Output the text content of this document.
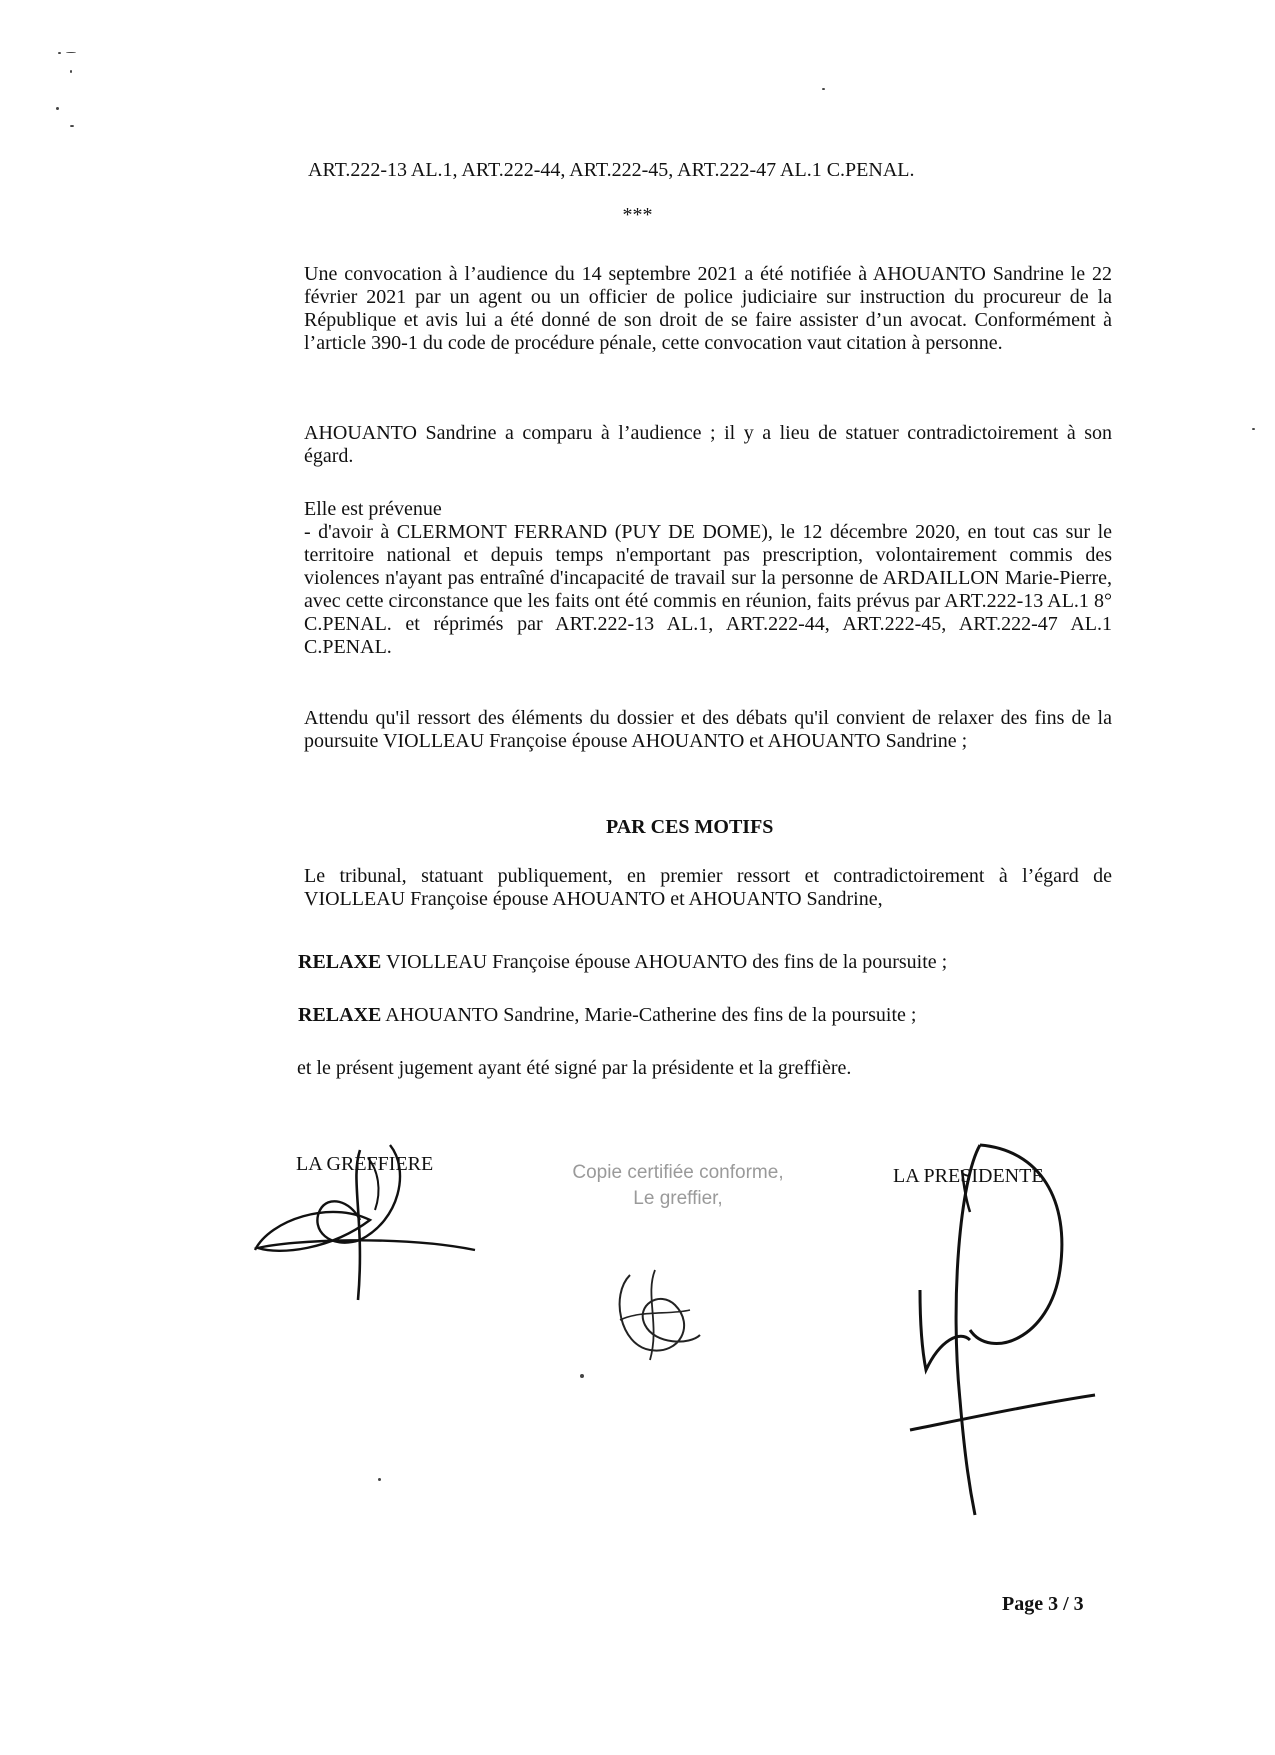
ART.222-13 AL.1, ART.222-44, ART.222-45, ART.222-47 AL.1 C.PENAL.
***
Une convocation à l’audience du 14 septembre 2021 a été notifiée à AHOUANTO Sandrine le 22 février 2021 par un agent ou un officier de police judiciaire sur instruction du procureur de la République et avis lui a été donné de son droit de se faire assister d’un avocat. Conformément à l’article 390-1 du code de procédure pénale, cette convocation vaut citation à personne.
AHOUANTO Sandrine a comparu à l’audience ; il y a lieu de statuer contradictoirement à son égard.
Elle est prévenue
- d'avoir à CLERMONT FERRAND (PUY DE DOME), le 12 décembre 2020, en tout cas sur le territoire national et depuis temps n'emportant pas prescription, volontairement commis des violences n'ayant pas entraîné d'incapacité de travail sur la personne de ARDAILLON Marie-Pierre, avec cette circonstance que les faits ont été commis en réunion, faits prévus par ART.222-13 AL.1 8° C.PENAL. et réprimés par ART.222-13 AL.1, ART.222-44, ART.222-45, ART.222-47 AL.1 C.PENAL.
Attendu qu'il ressort des éléments du dossier et des débats qu'il convient de relaxer des fins de la poursuite VIOLLEAU Françoise épouse AHOUANTO et AHOUANTO Sandrine ;
PAR CES MOTIFS
Le tribunal, statuant publiquement, en premier ressort et contradictoirement à l’égard de VIOLLEAU Françoise épouse AHOUANTO et AHOUANTO Sandrine,
RELAXE VIOLLEAU Françoise épouse AHOUANTO des fins de la poursuite ;
RELAXE AHOUANTO Sandrine, Marie-Catherine des fins de la poursuite ;
et le présent jugement ayant été signé par la présidente et la greffière.
LA GREFFIERE	Copie certifiée conforme,
Le greffier,
LA PRESIDENTE
Page 3 / 3
